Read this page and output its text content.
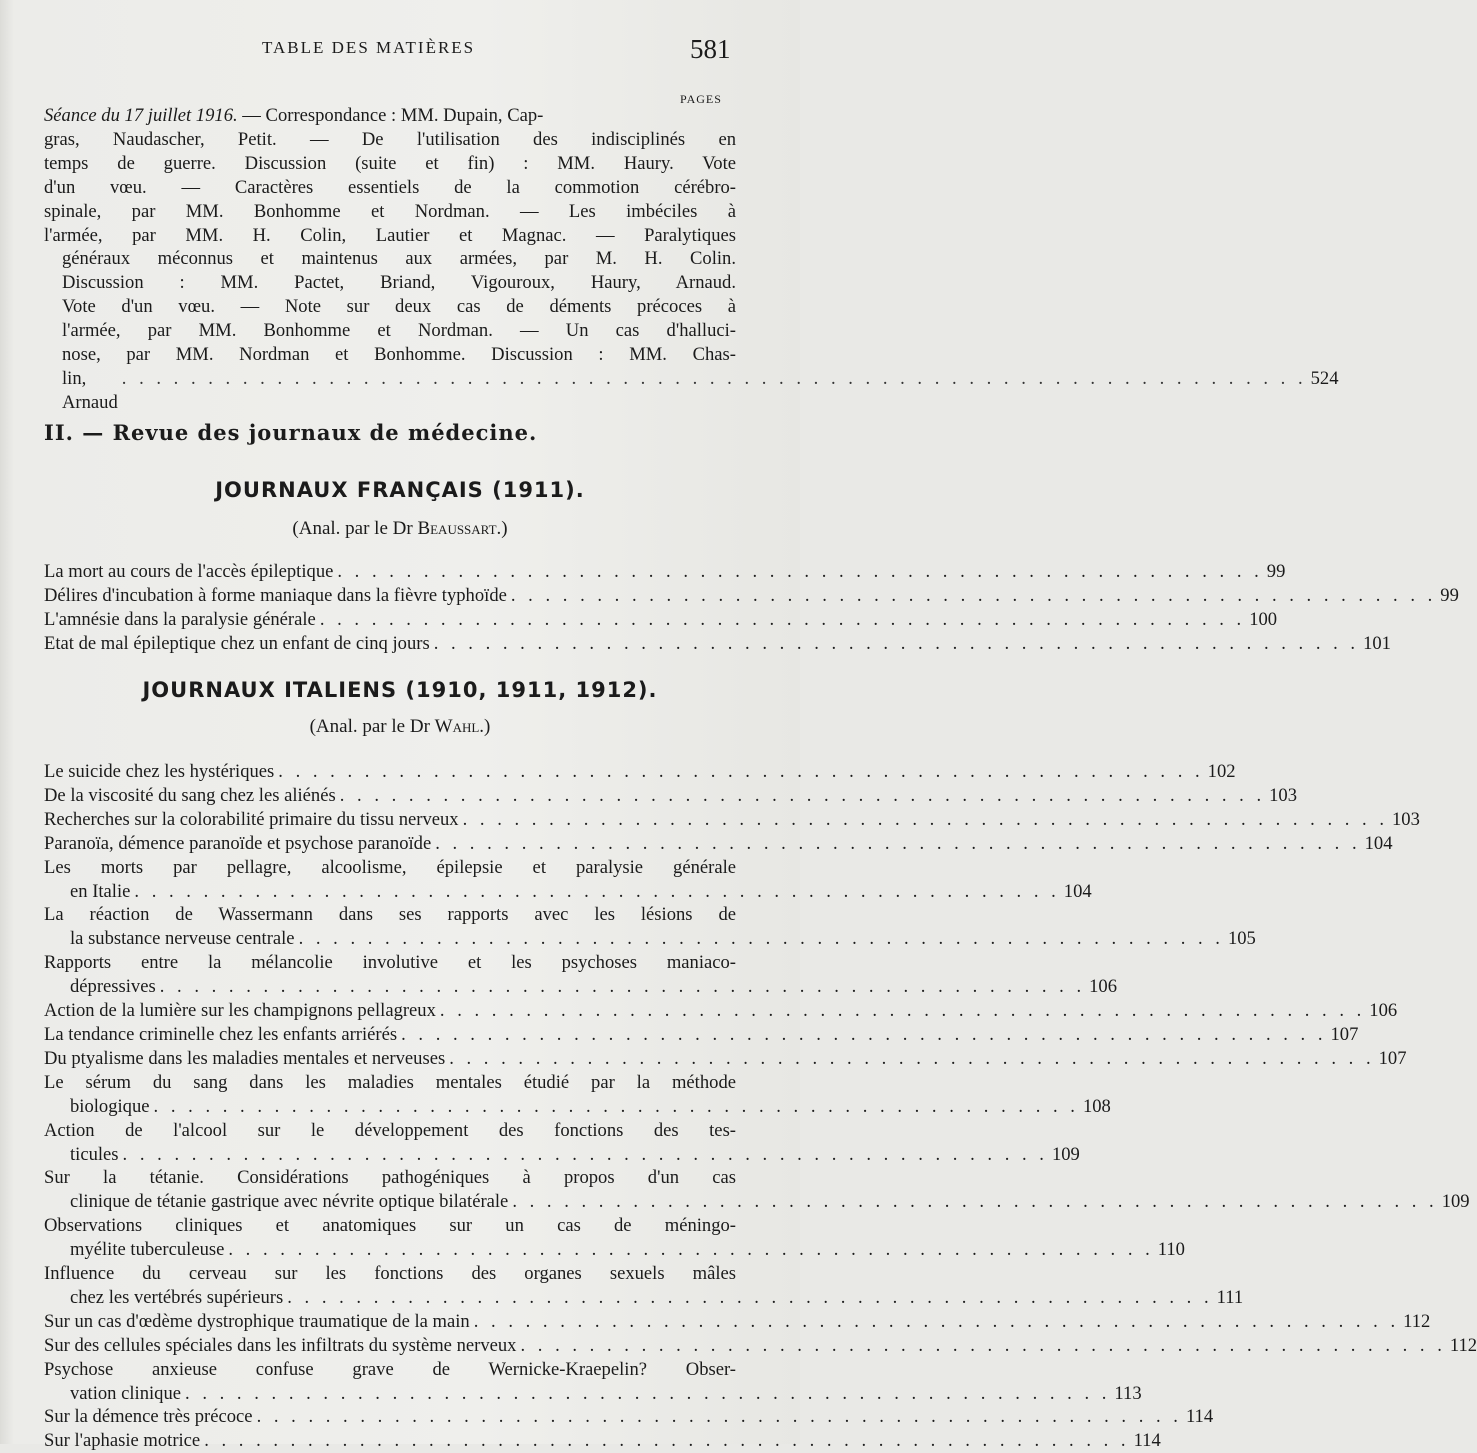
TABLE DES MATIÈRES	581
PAGES
Séance du 17 juillet 1916. — Correspondance : MM. Dupain, Cap-
gras, Naudascher, Petit. — De l'utilisation des indisciplinés en
temps de guerre. Discussion (suite et fin) : MM. Haury. Vote
d'un vœu. — Caractères essentiels de la commotion cérébro-
spinale, par MM. Bonhomme et Nordman. — Les imbéciles à
l'armée, par MM. H. Colin, Lautier et Magnac. — Paralytiques
généraux méconnus et maintenus aux armées, par M. H. Colin.
Discussion : MM. Pactet, Briand, Vigouroux, Haury, Arnaud.
Vote d'un vœu. — Note sur deux cas de déments précoces à
l'armée, par MM. Bonhomme et Nordman. — Un cas d'halluci-
nose, par MM. Nordman et Bonhomme. Discussion : MM. Chas-
lin, Arnaud
. . .
524
II. — Revue des journaux de médecine.
JOURNAUX FRANÇAIS (1911).
(Anal. par le Dr Beaussart.)
La mort au cours de l'accès épileptique . . . . . . . . . . . . . . . . . . . . . . . . . . . . . . . . . . . . . . . . . . . . . . . . . . . . . . 99
Délires d'incubation à forme maniaque dans la fièvre typhoïde . . . . . . . . . . . . . . . . . . . . . . . . . . . . . . . . . . . . . . . . . . . . . . . . . . . . . . 99
L'amnésie dans la paralysie générale . . . . . . . . . . . . . . . . . . . . . . . . . . . . . . . . . . . . . . . . . . . . . . . . . . . . . . 100
Etat de mal épileptique chez un enfant de cinq jours . . . . . . . . . . . . . . . . . . . . . . . . . . . . . . . . . . . . . . . . . . . . . . . . . . . . . . 101
JOURNAUX ITALIENS (1910, 1911, 1912).
(Anal. par le Dr Wahl.)
Le suicide chez les hystériques . . . . . . . . . . . . . . . . . . . . . . . . . . . . . . . . . . . . . . . . . . . . . . . . . . . . . . 102
De la viscosité du sang chez les aliénés . . . . . . . . . . . . . . . . . . . . . . . . . . . . . . . . . . . . . . . . . . . . . . . . . . . . . . 103
Recherches sur la colorabilité primaire du tissu nerveux . . . . . . . . . . . . . . . . . . . . . . . . . . . . . . . . . . . . . . . . . . . . . . . . . . . . . . 103
Paranoïa, démence paranoïde et psychose paranoïde . . . . . . . . . . . . . . . . . . . . . . . . . . . . . . . . . . . . . . . . . . . . . . . . . . . . . . 104
Les morts par pellagre, alcoolisme, épilepsie et paralysie générale
en Italie . . . . . . . . . . . . . . . . . . . . . . . . . . . . . . . . . . . . . . . . . . . . . . . . . . . . . . 104
La réaction de Wassermann dans ses rapports avec les lésions de
la substance nerveuse centrale . . . . . . . . . . . . . . . . . . . . . . . . . . . . . . . . . . . . . . . . . . . . . . . . . . . . . . 105
Rapports entre la mélancolie involutive et les psychoses maniaco-
dépressives . . . . . . . . . . . . . . . . . . . . . . . . . . . . . . . . . . . . . . . . . . . . . . . . . . . . . . 106
Action de la lumière sur les champignons pellagreux . . . . . . . . . . . . . . . . . . . . . . . . . . . . . . . . . . . . . . . . . . . . . . . . . . . . . . 106
La tendance criminelle chez les enfants arriérés . . . . . . . . . . . . . . . . . . . . . . . . . . . . . . . . . . . . . . . . . . . . . . . . . . . . . . 107
Du ptyalisme dans les maladies mentales et nerveuses . . . . . . . . . . . . . . . . . . . . . . . . . . . . . . . . . . . . . . . . . . . . . . . . . . . . . . 107
Le sérum du sang dans les maladies mentales étudié par la méthode
biologique . . . . . . . . . . . . . . . . . . . . . . . . . . . . . . . . . . . . . . . . . . . . . . . . . . . . . . 108
Action de l'alcool sur le développement des fonctions des tes-
ticules . . . . . . . . . . . . . . . . . . . . . . . . . . . . . . . . . . . . . . . . . . . . . . . . . . . . . . 109
Sur la tétanie. Considérations pathogéniques à propos d'un cas
clinique de tétanie gastrique avec névrite optique bilatérale . . . . . . . . . . . . . . . . . . . . . . . . . . . . . . . . . . . . . . . . . . . . . . . . . . . . . . 109
Observations cliniques et anatomiques sur un cas de méningo-
myélite tuberculeuse . . . . . . . . . . . . . . . . . . . . . . . . . . . . . . . . . . . . . . . . . . . . . . . . . . . . . . 110
Influence du cerveau sur les fonctions des organes sexuels mâles
chez les vertébrés supérieurs . . . . . . . . . . . . . . . . . . . . . . . . . . . . . . . . . . . . . . . . . . . . . . . . . . . . . . 111
Sur un cas d'œdème dystrophique traumatique de la main . . . . . . . . . . . . . . . . . . . . . . . . . . . . . . . . . . . . . . . . . . . . . . . . . . . . . . 112
Sur des cellules spéciales dans les infiltrats du système nerveux . . . . . . . . . . . . . . . . . . . . . . . . . . . . . . . . . . . . . . . . . . . . . . . . . . . . . . 112
Psychose anxieuse confuse grave de Wernicke-Kraepelin? Obser-
vation clinique . . . . . . . . . . . . . . . . . . . . . . . . . . . . . . . . . . . . . . . . . . . . . . . . . . . . . . 113
Sur la démence très précoce . . . . . . . . . . . . . . . . . . . . . . . . . . . . . . . . . . . . . . . . . . . . . . . . . . . . . . 114
Sur l'aphasie motrice . . . . . . . . . . . . . . . . . . . . . . . . . . . . . . . . . . . . . . . . . . . . . . . . . . . . . . 114
